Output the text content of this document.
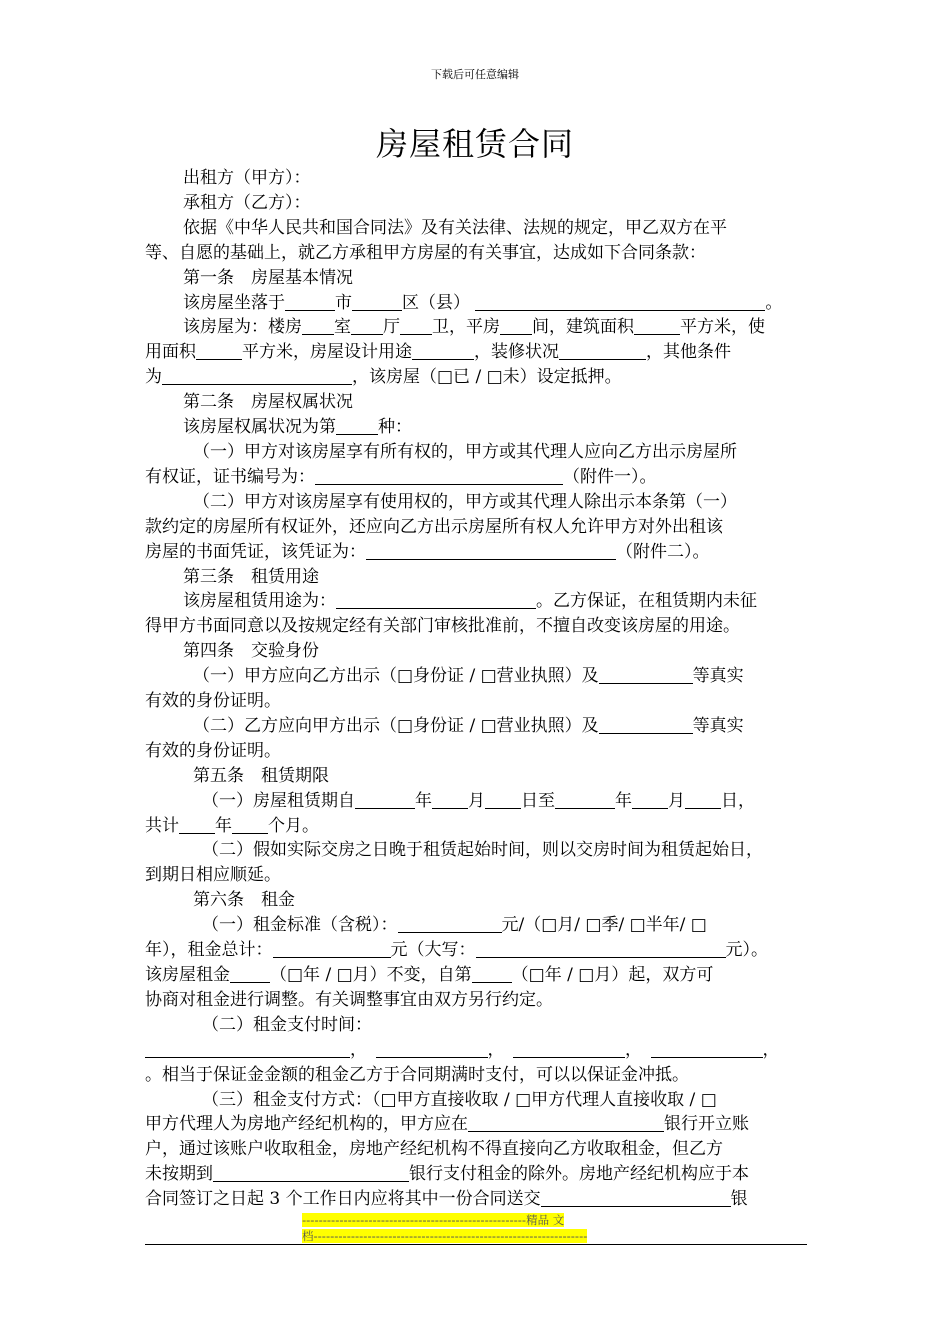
下载后可任意编辑
房屋租赁合同

出租方（甲方）：

承租方（乙方）：

依据《中华人民共和国合同法》及有关法律、法规的规定，甲乙双方在平

等、自愿的基础上，就乙方承租甲方房屋的有关事宜，达成如下合同条款：

第一条　房屋基本情况

该房屋坐落于	市	区（县）	。

该房屋为：楼房 室 厅 卫，平房 间，建筑面积	平方米，使

用面积	平方米，房屋设计用途	，装修状况	，其他条件

为	，该房屋（□已 / □未）设定抵押。

第二条　房屋权属状况

该房屋权属状况为第 种：

（一）甲方对该房屋享有所有权的，甲方或其代理人应向乙方出示房屋所

有权证，证书编号为：	（附件一）。

（二）甲方对该房屋享有使用权的，甲方或其代理人除出示本条第（一）

款约定的房屋所有权证外，还应向乙方出示房屋所有权人允许甲方对外出租该

房屋的书面凭证，该凭证为：	（附件二）。

第三条　租赁用途

该房屋租赁用途为：	。乙方保证，在租赁期内未征

得甲方书面同意以及按规定经有关部门审核批准前，不擅自改变该房屋的用途。

第四条　交验身份

（一）甲方应向乙方出示（□身份证 / □营业执照）及	等真实

有效的身份证明。

（二）乙方应向甲方出示（□身份证 / □营业执照）及	等真实

有效的身份证明。

第五条　租赁期限

（一）房屋租赁期自	年 月 日至	年 月 日，

共计 年 个月。

（二）假如实际交房之日晚于租赁起始时间，则以交房时间为租赁起始日，

到期日相应顺延。

第六条　租金

（一）租金标准（含税）：	元/（□月/ □季/ □半年/ □

年），租金总计：	元（大写：	元）。

该房屋租金 （□年 / □月）不变，自第 （□年 / □月）起，双方可

协商对租金进行调整。有关调整事宜由双方另行约定。

（二）租金支付时间：

，　	，　	，　	，

。相当于保证金金额的租金乙方于合同期满时支付，可以以保证金冲抵。

（三）租金支付方式：（□甲方直接收取 / □甲方代理人直接收取 / □

甲方代理人为房地产经纪机构的，甲方应在	银行开立账

户，通过该账户收取租金，房地产经纪机构不得直接向乙方收取租金，但乙方

未按期到	银行支付租金的除外。房地产经纪机构应于本

合同签订之日起 3 个工作日内应将其中一份合同送交	银

------------------------------------------------------精品 文
档------------------------------------------------------------------
